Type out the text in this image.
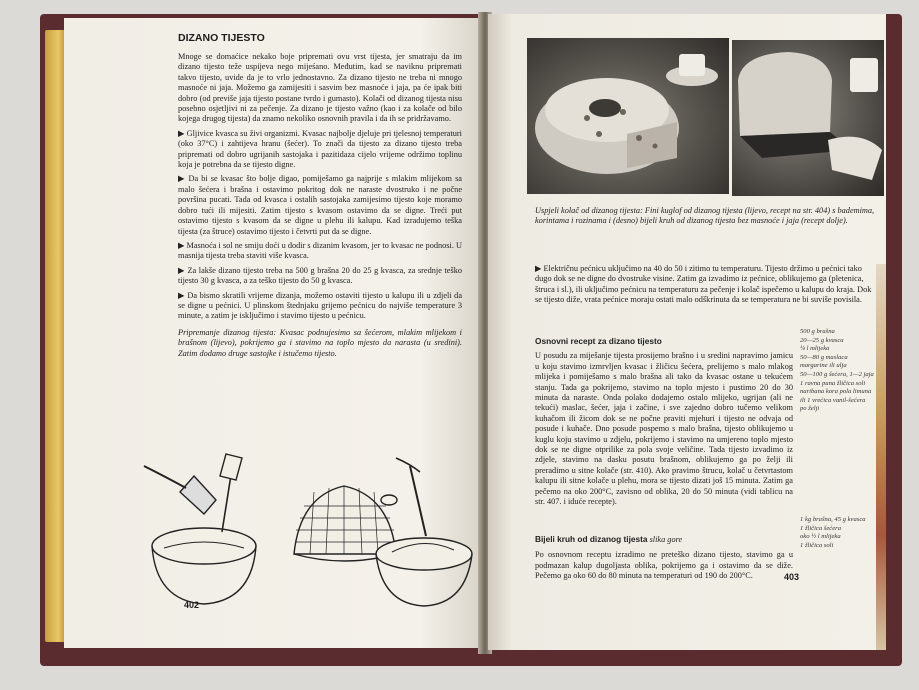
DIZANO TIJESTO

Mnoge se domaćice nekako boje pripremati ovu vrst tijesta, jer smatraju da im dizano tijesto teže uspijeva nego mijeśano. Međutim, kad se naviknu pripremati takvo tijesto, uvide da je to vrlo jednostavno. Za dizano tijesto ne treba ni mnogo masnoće ni jaja. Možemo ga zamijesiti i sasvim bez masnoće i jaja, pa će ipak biti dobro (od previše jaja tijesto postane tvrdo i gumasto). Kolači od dizanog tijesta nisu posebno osjetljivi ni za pečenje. Za dizano je tijesto važno (kao i za kolače od bilo kojega drugog tijesta) da znamo nekoliko osnovnih pravila i da ih se pridržavamo.

▶ Gljivice kvasca su živi organizmi. Kvasac najbolje djeluje pri tjelesnoj temperaturi (oko 37°C) i zahtijeva hranu (šećer). To znači da tijesto za dizano tijesto treba pripremati od dobro ugrijanih sastojaka i pazitidaza cijelo vrijeme održimo toplinu koja je potrebna da se tijesto digne.

▶ Da bi se kvasac što bolje digao, pomiješamo ga najprije s mlakim mlijekom sa malo šećera i brašna i ostavimo pokritog dok ne naraste dvostruko i ne počne površina pucati. Tada od kvasca i ostalih sastojaka zamijesimo tijesto koje moramo dobro tući ili mijesiti. Zatim tijesto s kvasom ostavimo da se digne. Treći put ostavimo tijesto s kvasom da se digne u plehu ili kalupu. Kad izradujemo teška tijesta (za štruce) ostavimo tijesto i četvrti put da se digne.

▶ Masnoća i sol ne smiju doći u dodir s dizanim kvasom, jer to kvasac ne podnosi. U masnija tijesta treba staviti više kvasca.

▶ Za lakše dizano tijesto treba na 500 g brašna 20 do 25 g kvasca, za srednje teško tijesto 30 g kvasca, a za teško tijesto do 50 g kvasca.

▶ Da bismo skratili vrijeme dizanja, možemo ostaviti tijesto u kalupu ili u zdjeli da se digne u pećnici. U plinskom štednjaku grijemo pećnicu do najviše temperature 3 minute, a zatim je isključimo i stavimo tijesto u pećnicu.

Pripremanje dizanog tijesta: Kvasac podnujesimo sa šećerom, mlakim mlijekom i brašnom (lijevo), pokrijemo ga i stavimo na toplo mjesto da narasta (u sredini). Zatim dodamo druge sastojke i istučemo tijesto.

402
Uspjeli kolač od dizanog tijesta: Fini kuglof od dizanog tijesta (lijevo, recept na str. 404) s bademima, korintama i rozinama i (desno) bijeli kruh od dizanog tijesta bez masnoće i jaja (recept dolje).
▶ Električnu pećnicu uključimo na 40 do 50 i zitimo tu temperaturu. Tijesto držimo u pećnici tako dugo dok se ne digne do dvostruke visine. Zatim ga izvadimo iz pećnice, oblikujemo ga (pletenica, štruca i sl.), ili uključimo pećnicu na temperaturu za pečenje i kolač ispečemo u kalupu do kraja. Dok se tijesto diže, vrata pećnice moraju ostati malo odškrinuta da se temperatura ne bi suviše povisila.

Osnovni recept za dizano tijesto

U posudu za miješanje tijesta prosijemo brašno i u sredini napravimo jamicu u koju stavimo izmrvljen kvasac i žličicu šećera, prelijemo s malo mlakog mlijeka i pomiješamo s malo brašna ali tako da kvasac ostane u tekućem stanju. Tada ga pokrijemo, stavimo na toplo mjesto i pustimo 20 do 30 minuta da naraste. Onda polako dodajemo ostalo mlijeko, ugrijan (ali ne tekući) maslac, šećer, jaja i začine, i sve zajedno dobro tučemo velikom kuhačom ili žicom dok se ne počne praviti mjehuri i tijesto ne odvaja od posude i kuhače. Dno posude pospemo s malo brašna, tijesto oblikujemo u kuglu koju stavimo u zdjelu, pokrijemo i stavimo na umjereno toplo mjesto dok se ne digne otprilike za pola svoje veličine. Tada tijesto izvadimo iz zdjele, stavimo na dasku posutu brašnom, oblikujemo ga po želji ili preradimo u sitne kolače (str. 410). Ako pravimo štrucu, kolač u četvrtastom kalupu ili sitne kolače u plehu, mora se tijesto dizati još 15 minuta. Zatim ga pečemo na oko 200°C, zavisno od oblika, 20 do 50 minuta (vidi tablicu na str. 407. i iduće recepte).

500 g brašna
20—25 g kvasca
¼ l mlijeka
50—80 g maslaca
margarine ili ulja
50—100 g šećera, 1—2 jaja
1 ravna puna žličica soli
naribana kora pola limuna
ili 1 vrećica vanil-šećera
po želji

Bijeli kruh od dizanog tijesta slika gore

Po osnovnom receptu izradimo ne preteško dizano tijesto, stavimo ga u podmazan kalup dugoljasta oblika, pokrijemo ga i ostavimo da se diže. Pečemo ga oko 60 do 80 minuta na temperaturi od 190 do 200°C.

1 kg brašna, 45 g kvasca
1 žličica šećera
oko ½ l mlijeka
1 žličica soli
403
